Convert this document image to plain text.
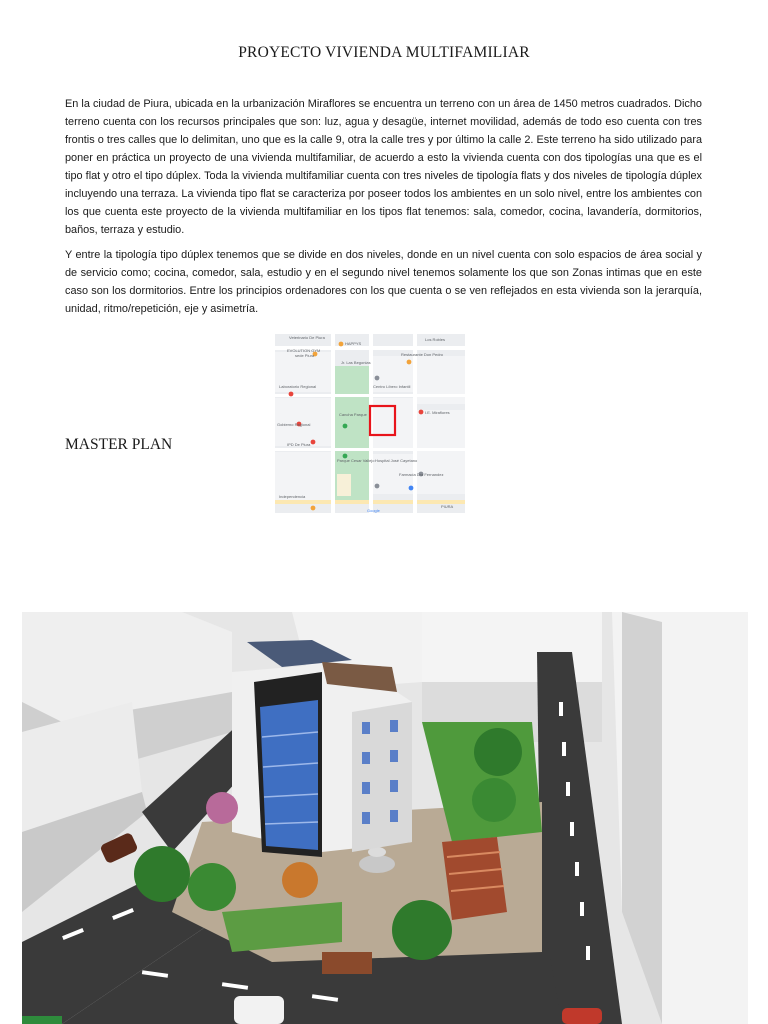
PROYECTO VIVIENDA MULTIFAMILIAR

En la ciudad de Piura, ubicada en la urbanización Miraflores se encuentra un terreno con un área de 1450 metros cuadrados. Dicho terreno cuenta con los recursos principales que son: luz, agua y desagüe, internet movilidad, además de todo eso cuenta con tres frontis o tres calles que lo delimitan, uno que es la calle 9, otra la calle tres y por último la calle 2. Este terreno ha sido utilizado para poner en práctica un proyecto de una vivienda multifamiliar, de acuerdo a esto la vivienda cuenta con dos tipologías una que es el tipo flat y otro el tipo dúplex. Toda la vivienda multifamiliar cuenta con tres niveles de tipología flats y dos niveles de tipología dúplex incluyendo una terraza. La vivienda tipo flat se caracteriza por poseer todos los ambientes en un solo nivel, entre los ambientes con los que cuenta este proyecto de la vivienda multifamiliar en los tipos flat tenemos: sala, comedor, cocina, lavandería, dormitorios, baños, terraza y estudio.

Y entre la tipología tipo dúplex tenemos que se divide en dos niveles, donde en un nivel cuenta con solo espacios de área social y de servicio como; cocina, comedor, sala, estudio y en el segundo nivel tenemos solamente los que son Zonas intimas que en este caso son los dormitorios. Entre los principios ordenadores con los que cuenta o se ven reflejados en esta vivienda son la jerarquía, unidad, ritmo/repetición, eje y asimetría.

MASTER PLAN
Veterinario De Piura
HAPPYS
EVOLUTION GYM
sede Piura
Los Robles
Restaurante Don Pedro
Jr. Las Begonias
Centro Líbero Infantil
Laboratorio Regional
Cancha Parque	I.E. Miraflores
Hospital José Cayetano
Gobierno Regional
Parque Cesar Vallejo
IPD De Piura
Farmacia Dra Fernandez
Independencia
Google
PIURA
